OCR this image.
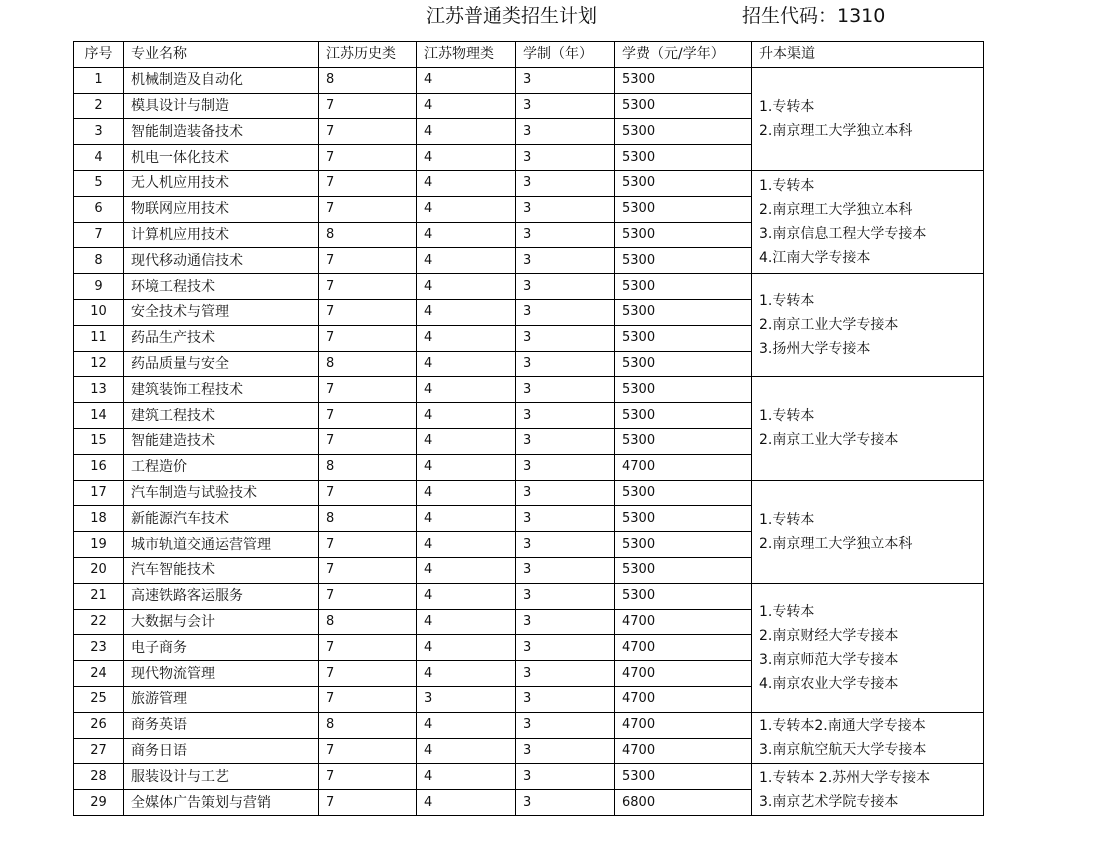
江苏普通类招生计划	招生代码：1310
序号	专业名称	江苏历史类	江苏物理类	学制（年）	学费（元/学年）	升本渠道
1	机械制造及自动化	8	4	3	5300	1.专转本
2.南京理工大学独立本科

2	模具设计与制造	7	4	3	5300	
3	智能制造装备技术	7	4	3	5300	
4	机电一体化技术	7	4	3	5300	
5	无人机应用技术	7	4	3	5300	1.专转本
2.南京理工大学独立本科
3.南京信息工程大学专接本
4.江南大学专接本

6	物联网应用技术	7	4	3	5300	
7	计算机应用技术	8	4	3	5300	
8	现代移动通信技术	7	4	3	5300	
9	环境工程技术	7	4	3	5300	1.专转本
2.南京工业大学专接本
3.扬州大学专接本

10	安全技术与管理	7	4	3	5300	
11	药品生产技术	7	4	3	5300	
12	药品质量与安全	8	4	3	5300	
13	建筑装饰工程技术	7	4	3	5300	1.专转本
2.南京工业大学专接本

14	建筑工程技术	7	4	3	5300	
15	智能建造技术	7	4	3	5300	
16	工程造价	8	4	3	4700	
17	汽车制造与试验技术	7	4	3	5300	1.专转本
2.南京理工大学独立本科

18	新能源汽车技术	8	4	3	5300	
19	城市轨道交通运营管理	7	4	3	5300	
20	汽车智能技术	7	4	3	5300	
21	高速铁路客运服务	7	4	3	5300	1.专转本
2.南京财经大学专接本
3.南京师范大学专接本
4.南京农业大学专接本

22	大数据与会计	8	4	3	4700	
23	电子商务	7	4	3	4700	
24	现代物流管理	7	4	3	4700	
25	旅游管理	7	3	3	4700	
26	商务英语	8	4	3	4700	1.专转本2.南通大学专接本
3.南京航空航天大学专接本

27	商务日语	7	4	3	4700	
28	服装设计与工艺	7	4	3	5300	1.专转本 2.苏州大学专接本
3.南京艺术学院专接本

29	全媒体广告策划与营销	7	4	3	6800	
